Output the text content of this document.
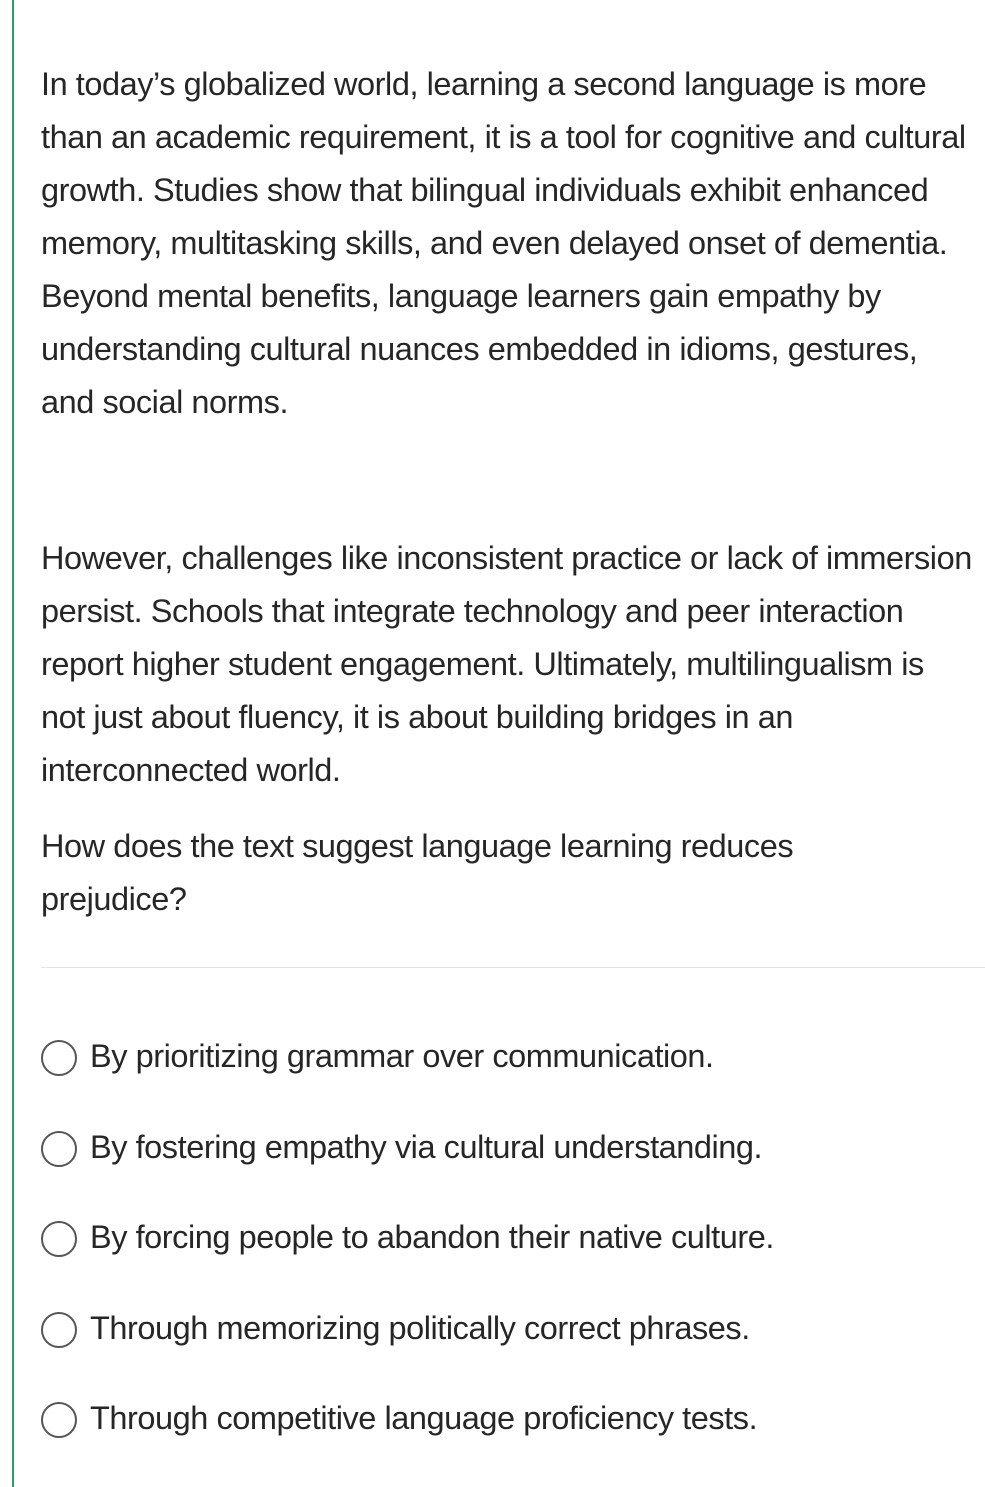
In today’s globalized world, learning a second language is more than an academic requirement, it is a tool for cognitive and cultural growth. Studies show that bilingual individuals exhibit enhanced memory, multitasking skills, and even delayed onset of dementia. Beyond mental benefits, language learners gain empathy by understanding cultural nuances embedded in idioms, gestures, and social norms.

However, challenges like inconsistent practice or lack of immersion persist. Schools that integrate technology and peer interaction report higher student engagement. Ultimately, multilingualism is not just about fluency, it is about building bridges in an interconnected world.

How does the text suggest language learning reduces prejudice?
By prioritizing grammar over communication.
By fostering empathy via cultural understanding.
By forcing people to abandon their native culture.
Through memorizing politically correct phrases.
Through competitive language proficiency tests.
